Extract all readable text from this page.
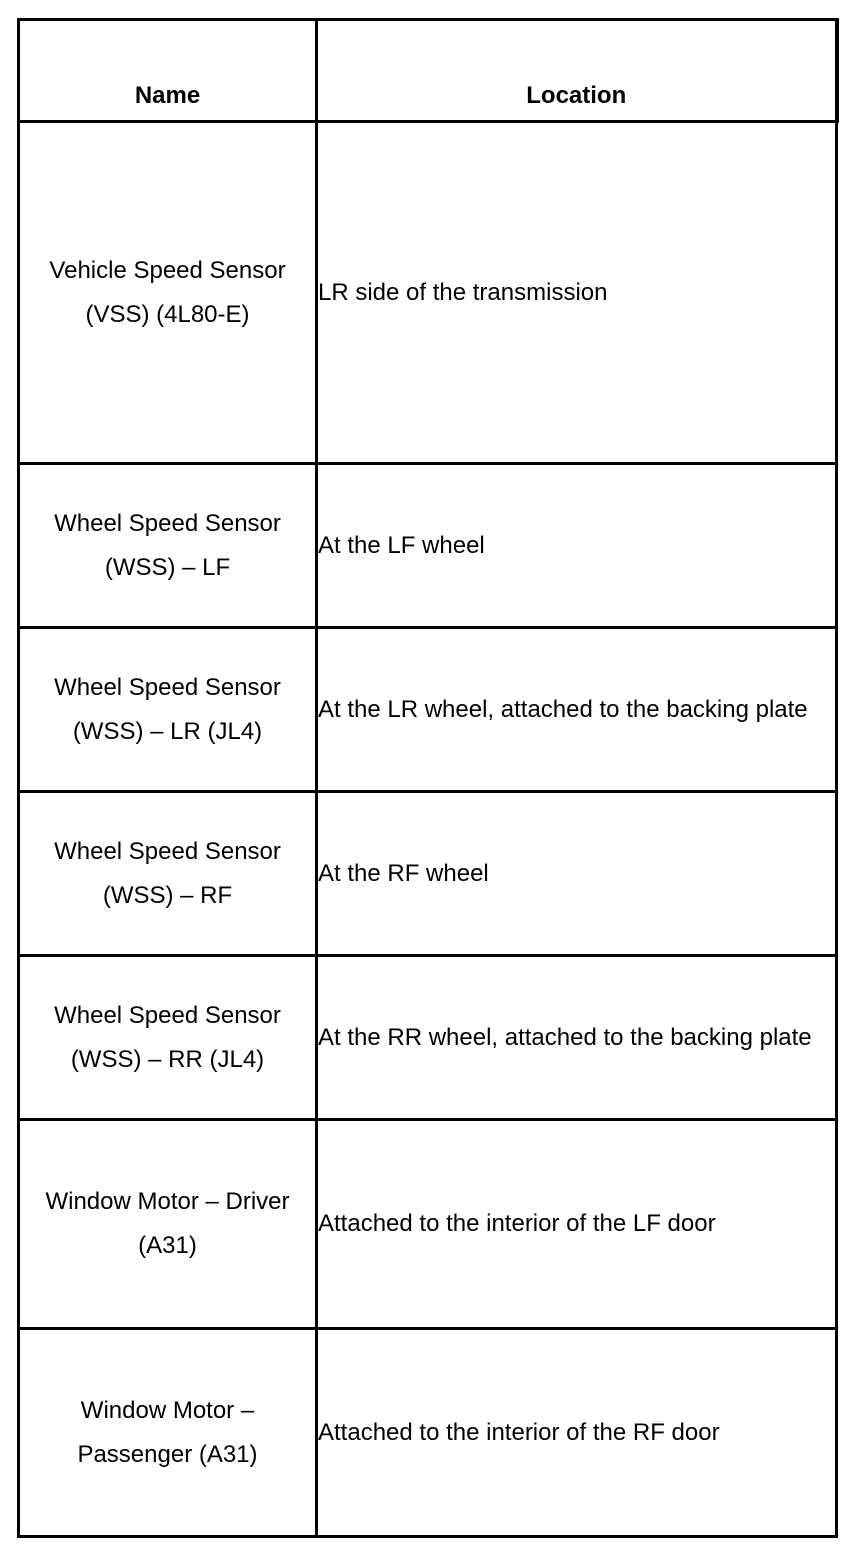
Name	Location
Vehicle Speed Sensor (VSS) (4L80-E)	LR side of the transmission
Wheel Speed Sensor (WSS) – LF	At the LF wheel
Wheel Speed Sensor (WSS) – LR (JL4)	At the LR wheel, attached to the backing plate
Wheel Speed Sensor (WSS) – RF	At the RF wheel
Wheel Speed Sensor (WSS) – RR (JL4)	At the RR wheel, attached to the backing plate
Window Motor – Driver (A31)	Attached to the interior of the LF door
Window Motor – Passenger (A31)	Attached to the interior of the RF door
